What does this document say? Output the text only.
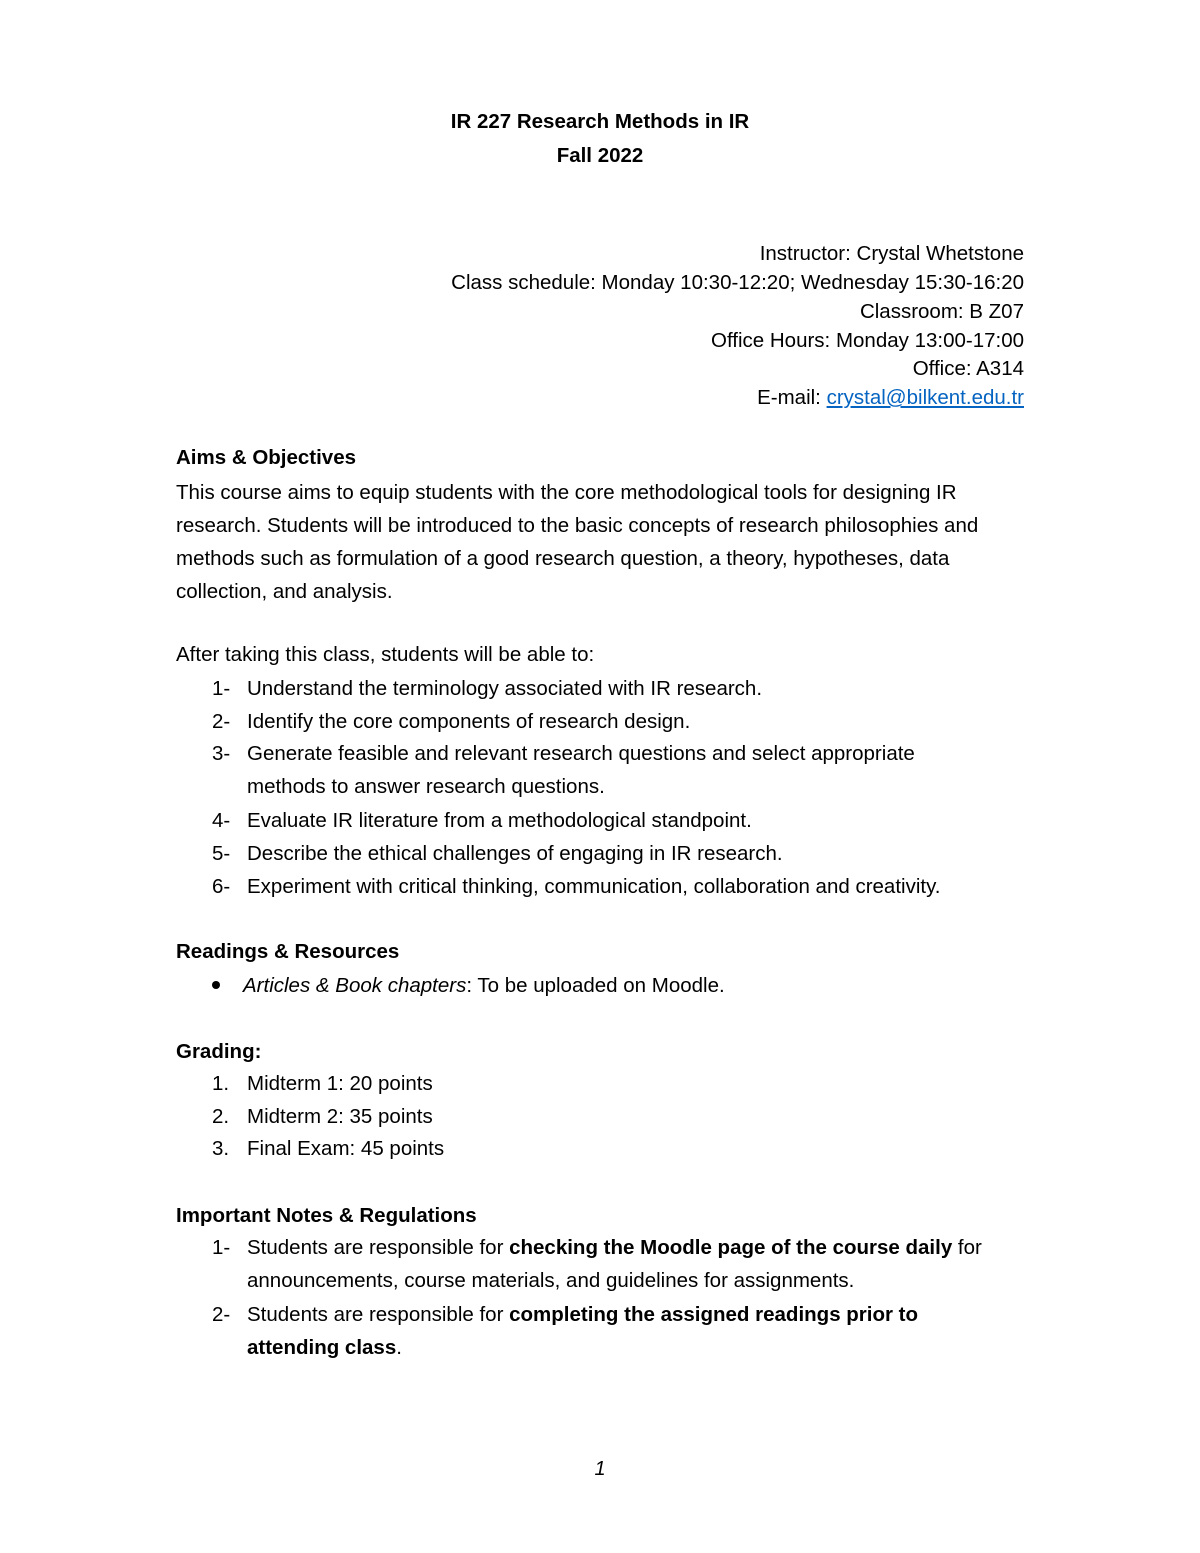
IR 227 Research Methods in IR
Fall 2022
Instructor: Crystal Whetstone
Class schedule: Monday 10:30-12:20; Wednesday 15:30-16:20
Classroom: B Z07
Office Hours: Monday 13:00-17:00
Office: A314
E-mail: crystal@bilkent.edu.tr
Aims & Objectives
This course aims to equip students with the core methodological tools for designing IR research. Students will be introduced to the basic concepts of research philosophies and methods such as formulation of a good research question, a theory, hypotheses, data collection, and analysis.
After taking this class, students will be able to:
1- Understand the terminology associated with IR research.
2- Identify the core components of research design.
3- Generate feasible and relevant research questions and select appropriate methods to answer research questions.
4- Evaluate IR literature from a methodological standpoint.
5- Describe the ethical challenges of engaging in IR research.
6- Experiment with critical thinking, communication, collaboration and creativity.
Readings & Resources
Articles & Book chapters: To be uploaded on Moodle.
Grading:
1. Midterm 1: 20 points
2. Midterm 2: 35 points
3. Final Exam: 45 points
Important Notes & Regulations
1- Students are responsible for checking the Moodle page of the course daily for announcements, course materials, and guidelines for assignments.
2- Students are responsible for completing the assigned readings prior to attending class.
1
